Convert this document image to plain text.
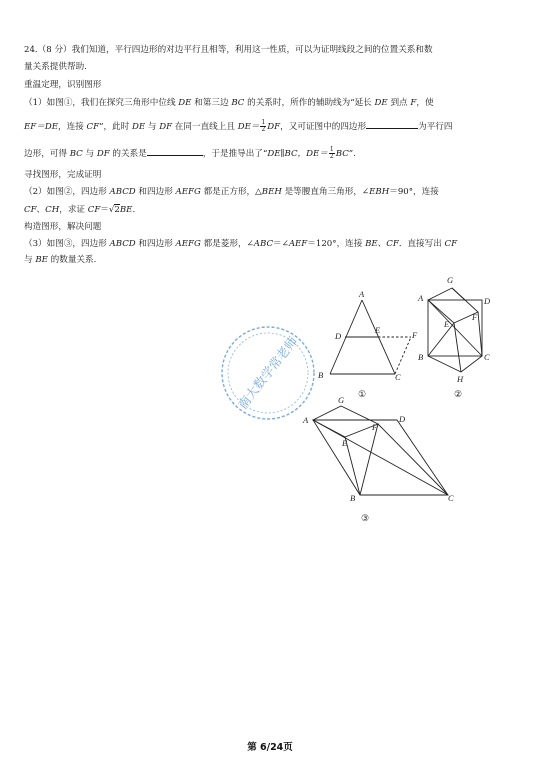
24.（8 分）我们知道，平行四边形的对边平行且相等，利用这一性质，可以为证明线段之间的位置关系和数
量关系提供帮助.
重温定理，识别图形
（1）如图①，我们在探究三角形中位线 DE 和第三边 BC 的关系时，所作的辅助线为“延长 DE 到点 F，使
EF＝DE，连接 CF”，此时 DE 与 DF 在同一直线上且 $DE= \frac{1}{2}$ DF，又可证图中的四边形	为平行四
边形，可得 BC 与 DF 的关系是	，于是推导出了“DE∥BC，$DE= \frac{1}{2}$ BC”.
寻找图形，完成证明
（2）如图②，四边形 ABCD 和四边形 AEFG 都是正方形，△BEH 是等腰直角三角形，∠EBH＝90°，连接
CF、CH，求证 CF＝√2BE.
构造图形，解决问题
（3）如图③，四边形 ABCD 和四边形 AEFG 都是菱形，∠ABC＝∠AEF＝120°，连接 BE、CF．直接写出 CF
与 BE 的数量关系.
A
D
E	F
B	C
G
A	D
F
E
B	C
H
A
G
D
F
E
B	C
①	②
③
南大数学常老师
第 6/24页
